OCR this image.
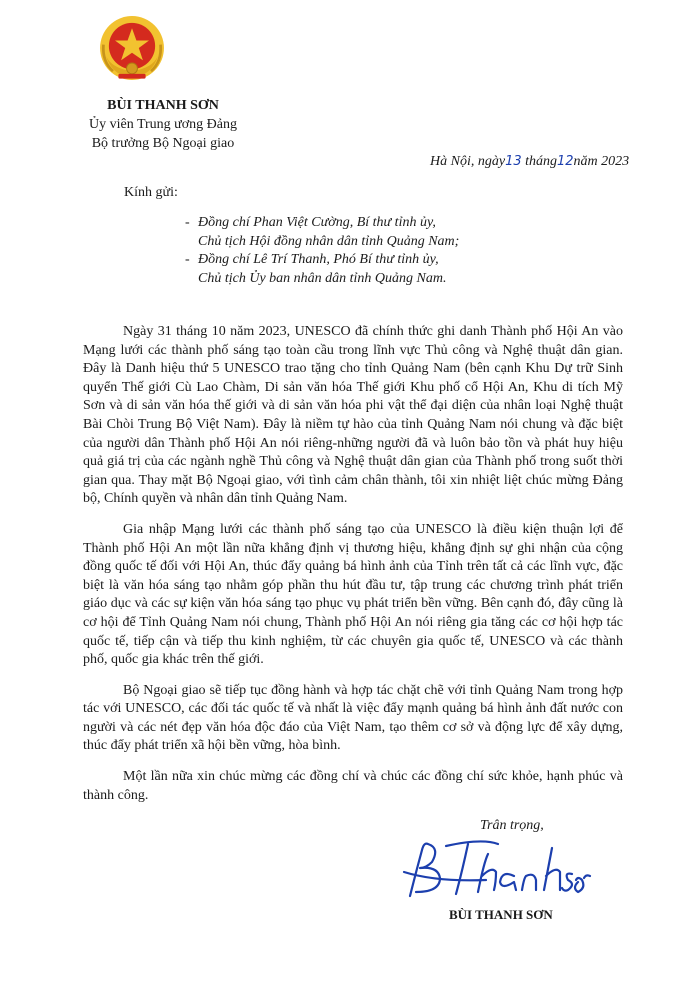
BÙI THANH SƠN
Ủy viên Trung ương Đảng
Bộ trưởng Bộ Ngoại giao
Hà Nội, ngày13 tháng12năm 2023
Kính gửi:
- Đồng chí Phan Việt Cường, Bí thư tỉnh ủy,
Chủ tịch Hội đồng nhân dân tỉnh Quảng Nam;
- Đồng chí Lê Trí Thanh, Phó Bí thư tỉnh ủy,
Chủ tịch Ủy ban nhân dân tỉnh Quảng Nam.

Ngày 31 tháng 10 năm 2023, UNESCO đã chính thức ghi danh Thành phố Hội An vào Mạng lưới các thành phố sáng tạo toàn cầu trong lĩnh vực Thủ công và Nghệ thuật dân gian. Đây là Danh hiệu thứ 5 UNESCO trao tặng cho tỉnh Quảng Nam (bên cạnh Khu Dự trữ Sinh quyển Thế giới Cù Lao Chàm, Di sản văn hóa Thế giới Khu phố cổ Hội An, Khu di tích Mỹ Sơn và di sản văn hóa thế giới và di sản văn hóa phi vật thể đại diện của nhân loại Nghệ thuật Bài Chòi Trung Bộ Việt Nam). Đây là niềm tự hào của tỉnh Quảng Nam nói chung và đặc biệt của người dân Thành phố Hội An nói riêng-những người đã và luôn bảo tồn và phát huy hiệu quả giá trị của các ngành nghề Thủ công và Nghệ thuật dân gian của Thành phố trong suốt thời gian qua. Thay mặt Bộ Ngoại giao, với tình cảm chân thành, tôi xin nhiệt liệt chúc mừng Đảng bộ, Chính quyền và nhân dân tỉnh Quảng Nam.

Gia nhập Mạng lưới các thành phố sáng tạo của UNESCO là điều kiện thuận lợi để Thành phố Hội An một lần nữa khẳng định vị thương hiệu, khẳng định sự ghi nhận của cộng đồng quốc tế đối với Hội An, thúc đẩy quảng bá hình ảnh của Tỉnh trên tất cả các lĩnh vực, đặc biệt là văn hóa sáng tạo nhằm góp phần thu hút đầu tư, tập trung các chương trình phát triển giáo dục và các sự kiện văn hóa sáng tạo phục vụ phát triển bền vững. Bên cạnh đó, đây cũng là cơ hội để Tỉnh Quảng Nam nói chung, Thành phố Hội An nói riêng gia tăng các cơ hội hợp tác quốc tế, tiếp cận và tiếp thu kinh nghiệm, từ các chuyên gia quốc tế, UNESCO và các thành phố, quốc gia khác trên thế giới.

Bộ Ngoại giao sẽ tiếp tục đồng hành và hợp tác chặt chẽ với tỉnh Quảng Nam trong hợp tác với UNESCO, các đối tác quốc tế và nhất là việc đẩy mạnh quảng bá hình ảnh đất nước con người và các nét đẹp văn hóa độc đáo của Việt Nam, tạo thêm cơ sở và động lực để xây dựng, thúc đẩy phát triển xã hội bền vững, hòa bình.

Một lần nữa xin chúc mừng các đồng chí và chúc các đồng chí sức khỏe, hạnh phúc và thành công.

Trân trọng,
BÙI THANH SƠN
